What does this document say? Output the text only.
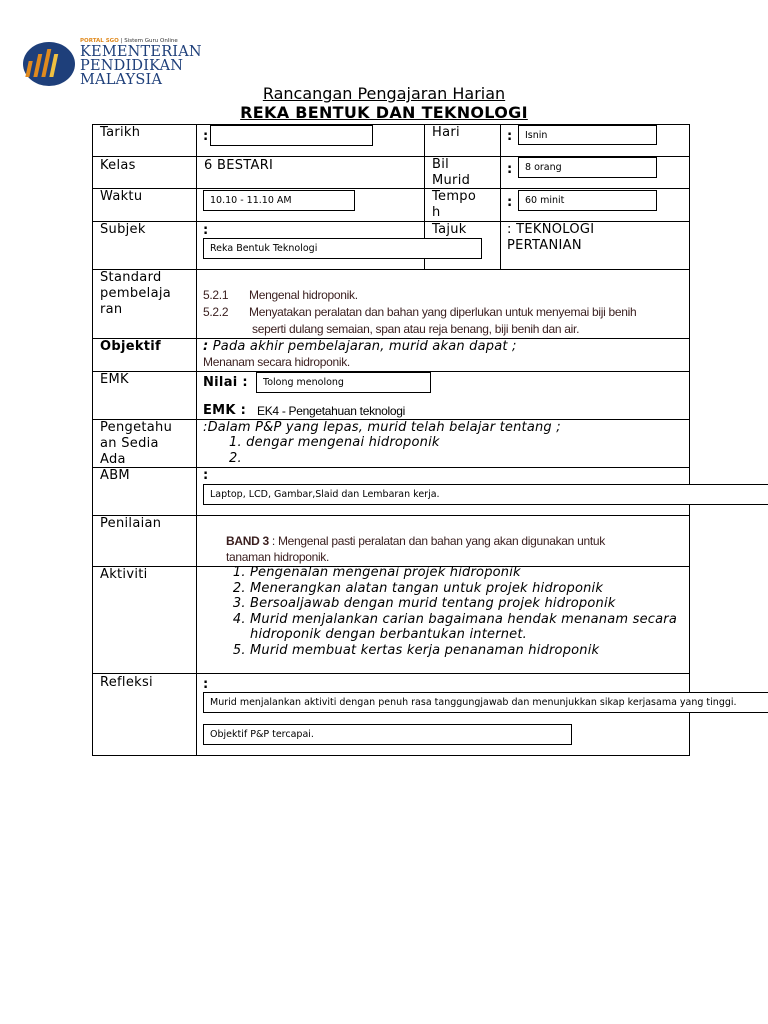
PORTAL SGO | Sistem Guru Online
KEMENTERIAN
PENDIDIKAN
MALAYSIA
Rancangan Pengajaran Harian
REKA BENTUK DAN TEKNOLOGI
Tarikh	:	Hari	:	Isnin
Kelas	6 BESTARI	Bil
Murid
:	8 orang
Waktu	10.10 - 11.10 AM	Tempo
h
:	60 minit
Subjek	:
Reka Bentuk Teknologi
Tajuk	: TEKNOLOGI
PERTANIAN
Standard
pembelaja
ran
5.2.1 Mengenal hidroponik.
5.2.2 Menyatakan peralatan dan bahan yang diperlukan untuk menyemai biji benih
seperti dulang semaian, span atau reja benang, biji benih dan air.
Objektif	: Pada akhir pembelajaran, murid akan dapat ;
Menanam secara hidroponik.
EMK	Nilai :	Tolong menolong
EMK : EK4 - Pengetahuan teknologi
Pengetahu
an Sedia
Ada
:Dalam P&P yang lepas, murid telah belajar tentang ;
1. dengar mengenai hidroponik
2.
ABM	:
Laptop, LCD, Gambar,Slaid dan Lembaran kerja.
Penilaian
BAND 3 : Mengenal pasti peralatan dan bahan yang akan digunakan untuk
tanaman hidroponik.
Aktiviti
1.	Pengenalan mengenai projek hidroponik
2. Menerangkan alatan tangan untuk projek hidroponik
3. Bersoaljawab dengan murid tentang projek hidroponik
4. Murid menjalankan carian bagaimana hendak menanam secara hidroponik dengan berbantukan internet.
5. Murid membuat kertas kerja penanaman hidroponik
Refleksi	:
Murid menjalankan aktiviti dengan penuh rasa tanggungjawab dan menunjukkan sikap kerjasama yang tinggi.
Objektif P&P tercapai.
